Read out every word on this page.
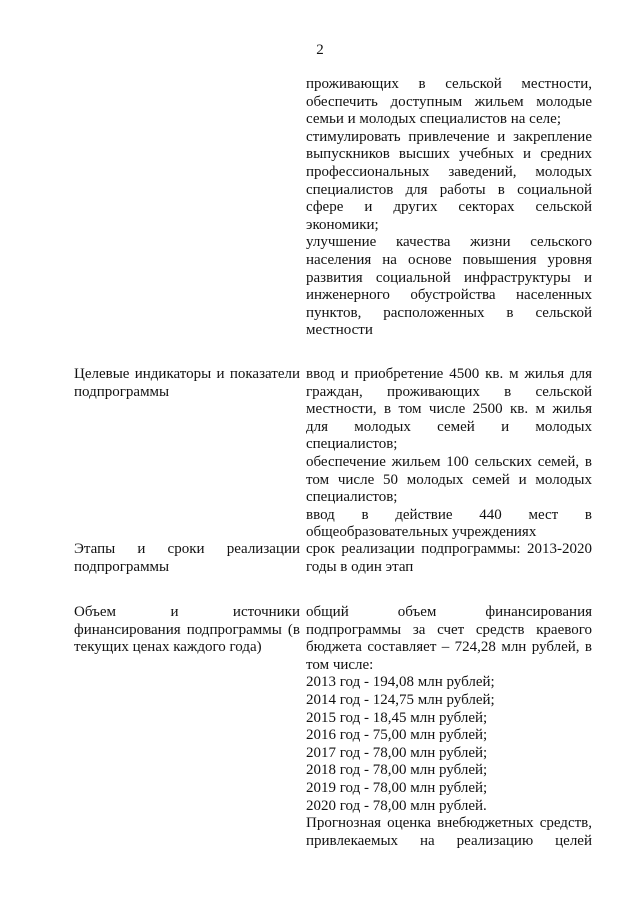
2
проживающих в сельской местности,
обеспечить доступным жильем молодые
семьи и молодых специалистов на селе;
стимулировать привлечение и закрепление
выпускников высших учебных и средних
профессиональных заведений, молодых
специалистов для работы в социальной
сфере и других секторах сельской
экономики;
улучшение качества жизни сельского
населения на основе повышения уровня
развития социальной инфраструктуры и
инженерного обустройства населенных
пунктов, расположенных в сельской
местности
Целевые индикаторы и показатели
подпрограммы
ввод и приобретение 4500 кв. м жилья для
граждан, проживающих в сельской
местности, в том числе 2500 кв. м жилья
для молодых семей и молодых
специалистов;
обеспечение жильем 100 сельских семей, в
том числе 50 молодых семей и молодых
специалистов;
ввод в действие 440 мест в
общеобразовательных учреждениях
Этапы и сроки реализации
подпрограммы
срок реализации подпрограммы: 2013-2020
годы в один этап
Объем и источники
финансирования подпрограммы (в
текущих ценах каждого года)
общий объем финансирования
подпрограммы за счет средств краевого
бюджета составляет – 724,28 млн рублей, в
том числе:
2013 год - 194,08 млн рублей;
2014 год - 124,75 млн рублей;
2015 год - 18,45 млн рублей;
2016 год - 75,00 млн рублей;
2017 год - 78,00 млн рублей;
2018 год - 78,00 млн рублей;
2019 год - 78,00 млн рублей;
2020 год - 78,00 млн рублей.
Прогнозная оценка внебюджетных средств,
привлекаемых на реализацию целей
